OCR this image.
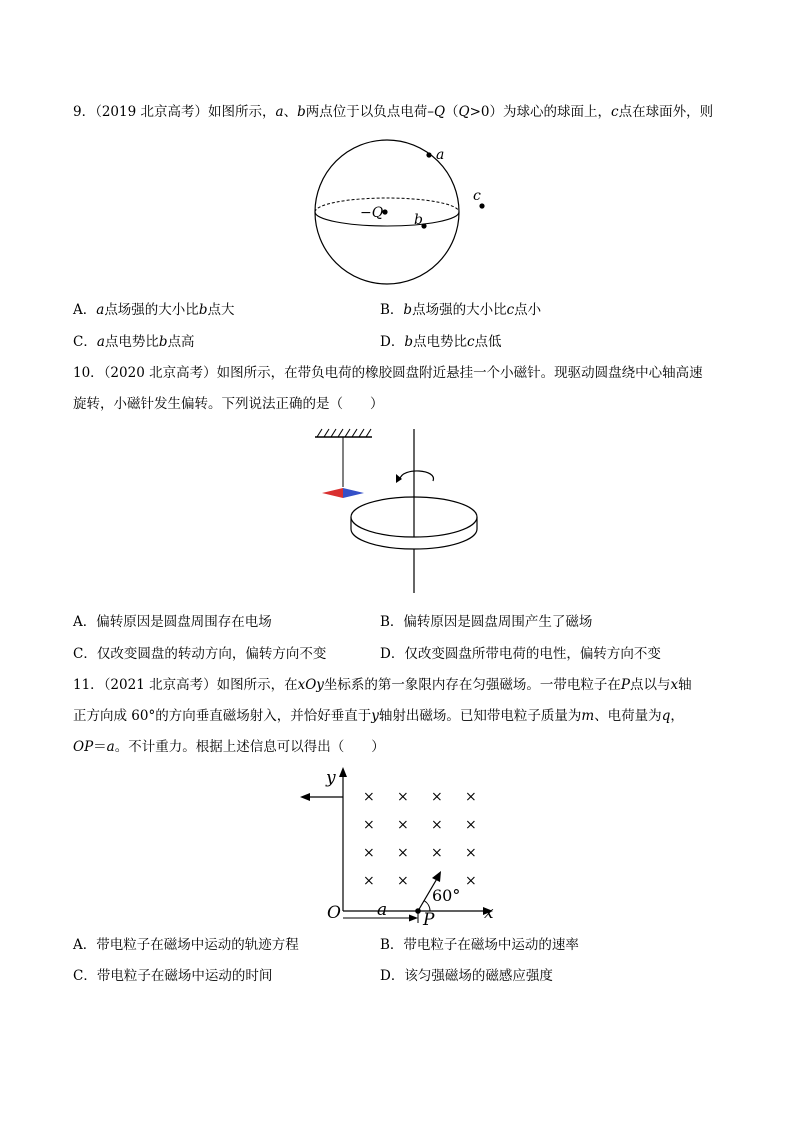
9．（2019 北京高考）如图所示，a、b两点位于以负点电荷–Q（Q>0）为球心的球面上，c点在球面外，则
a
−Q b
c
A．a点场强的大小比b点大	B．b点场强的大小比c点小
C．a点电势比b点高	D．b点电势比c点低
10．（2020 北京高考）如图所示，在带负电荷的橡胶圆盘附近悬挂一个小磁针。现驱动圆盘绕中心轴高速
旋转，小磁针发生偏转。下列说法正确的是（　　）
A．偏转原因是圆盘周围存在电场	B．偏转原因是圆盘周围产生了磁场
C．仅改变圆盘的转动方向，偏转方向不变	D．仅改变圆盘所带电荷的电性，偏转方向不变
11．（2021 北京高考）如图所示，在xOy坐标系的第一象限内存在匀强磁场。一带电粒子在P点以与x轴
正方向成 60°的方向垂直磁场射入，并恰好垂直于y轴射出磁场。已知带电粒子质量为m、电荷量为q，
OP＝a。不计重力。根据上述信息可以得出（　　）
y
x
O
× × × ×
× × × ×
× × × ×
× ×	×
P
a
60°
A．带电粒子在磁场中运动的轨迹方程	B．带电粒子在磁场中运动的速率
C．带电粒子在磁场中运动的时间	D．该匀强磁场的磁感应强度
